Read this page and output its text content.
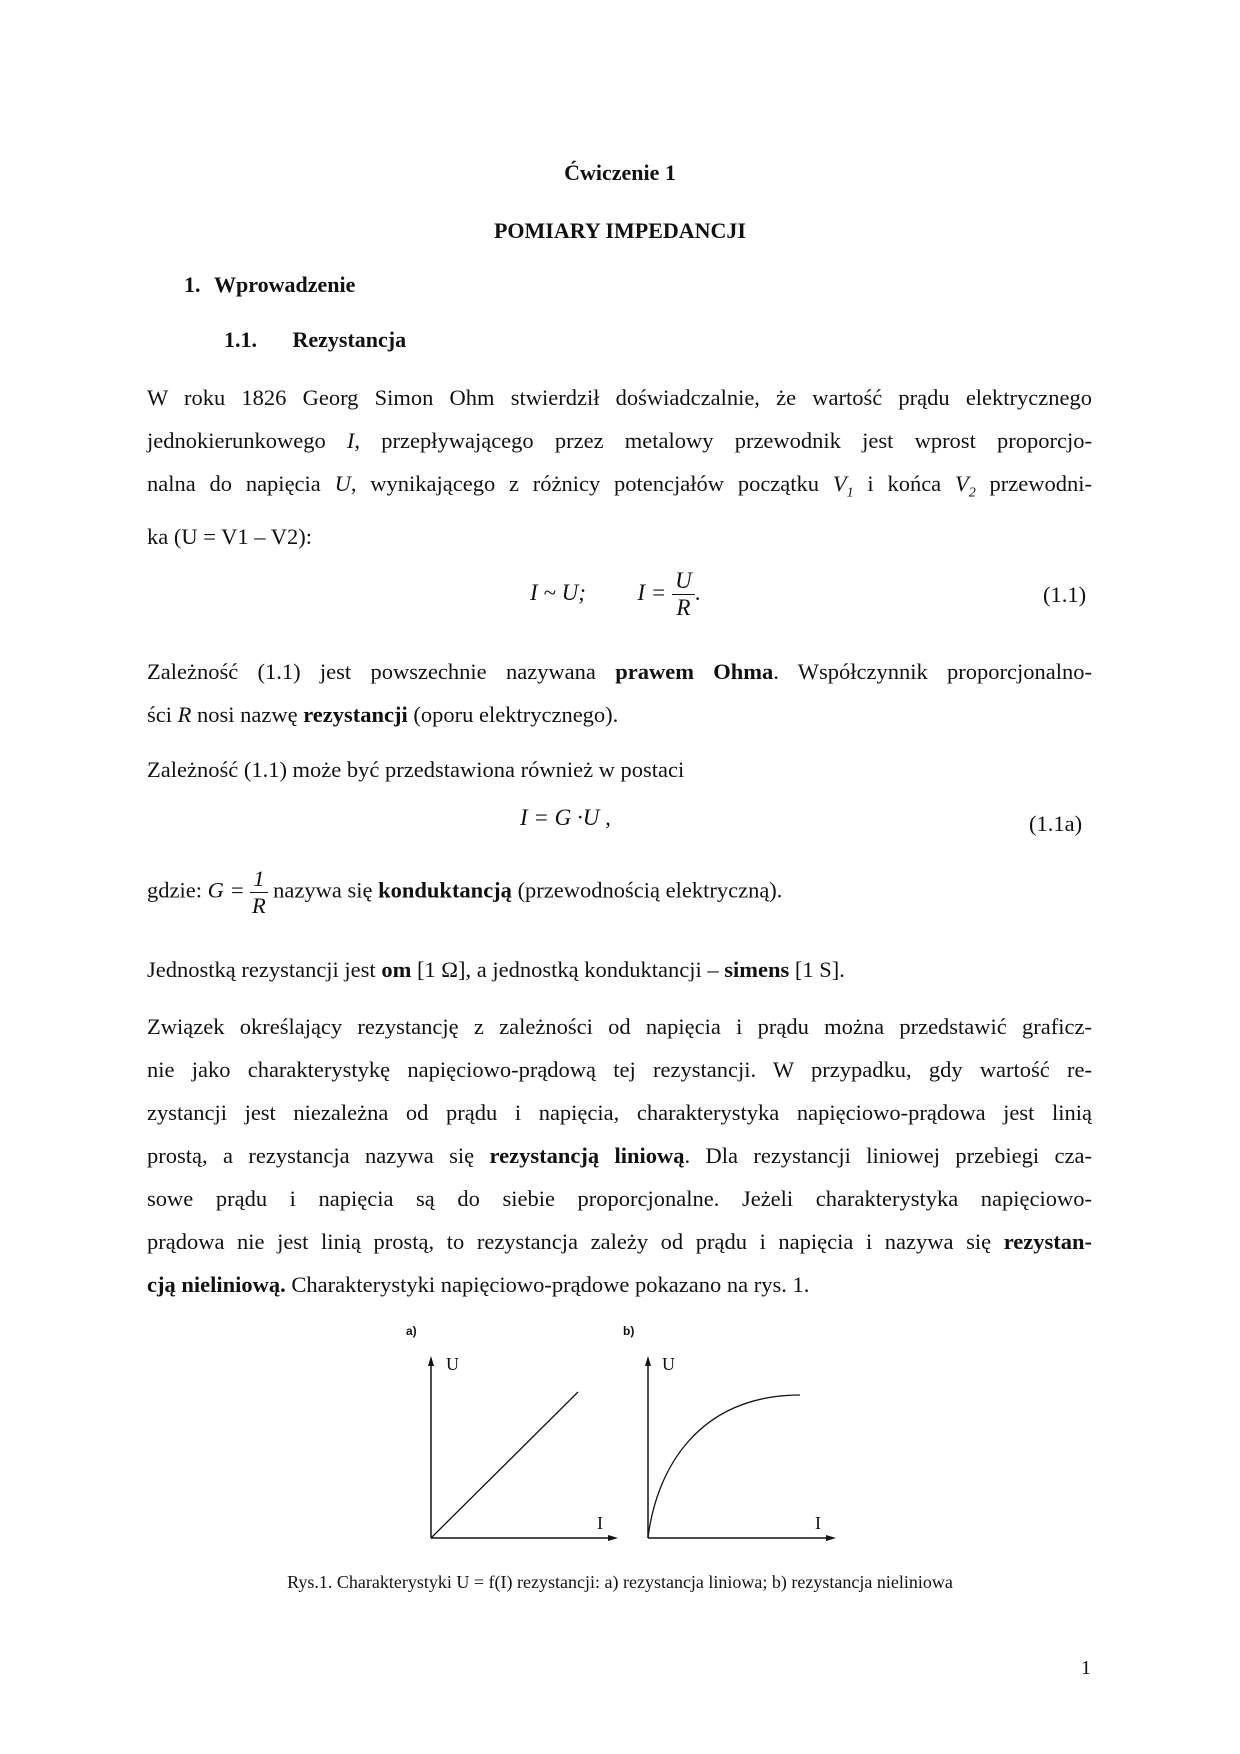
Ćwiczenie 1
POMIARY IMPEDANCJI
1. Wprowadzenie
1.1. Rezystancja
W roku 1826 Georg Simon Ohm stwierdził doświadczalnie, że wartość prądu elektrycznego
jednokierunkowego I, przepływającego przez metalowy przewodnik jest wprost proporcjo-
nalna do napięcia U, wynikającego z różnicy potencjałów początku $V_1$ i końca $V_2$ przewodni-
ka (U = V1 – V2):
I ~ U; $I = \frac{U}{R}$ .	(1.1)
Zależność (1.1) jest powszechnie nazywana prawem Ohma. Współczynnik proporcjonalno-
ści R nosi nazwę rezystancji (oporu elektrycznego).
Zależność (1.1) może być przedstawiona również w postaci
I = G ·U ,	(1.1a)
gdzie: $G = \frac{1}{R}$ nazywa się konduktancją (przewodnością elektryczną).
Jednostką rezystancji jest om [1 Ω], a jednostką konduktancji – simens [1 S].
Związek określający rezystancję z zależności od napięcia i prądu można przedstawić graficz-
nie jako charakterystykę napięciowo-prądową tej rezystancji. W przypadku, gdy wartość re-
zystancji jest niezależna od prądu i napięcia, charakterystyka napięciowo-prądowa jest linią
prostą, a rezystancja nazywa się rezystancją liniową. Dla rezystancji liniowej przebiegi cza-
sowe prądu i napięcia są do siebie proporcjonalne. Jeżeli charakterystyka napięciowo-
prądowa nie jest linią prostą, to rezystancja zależy od prądu i napięcia i nazywa się rezystan-
cją nieliniową. Charakterystyki napięciowo-prądowe pokazano na rys. 1.
a)
U
I
b)
U
I
Rys.1. Charakterystyki U = f(I) rezystancji: a) rezystancja liniowa; b) rezystancja nieliniowa
1
